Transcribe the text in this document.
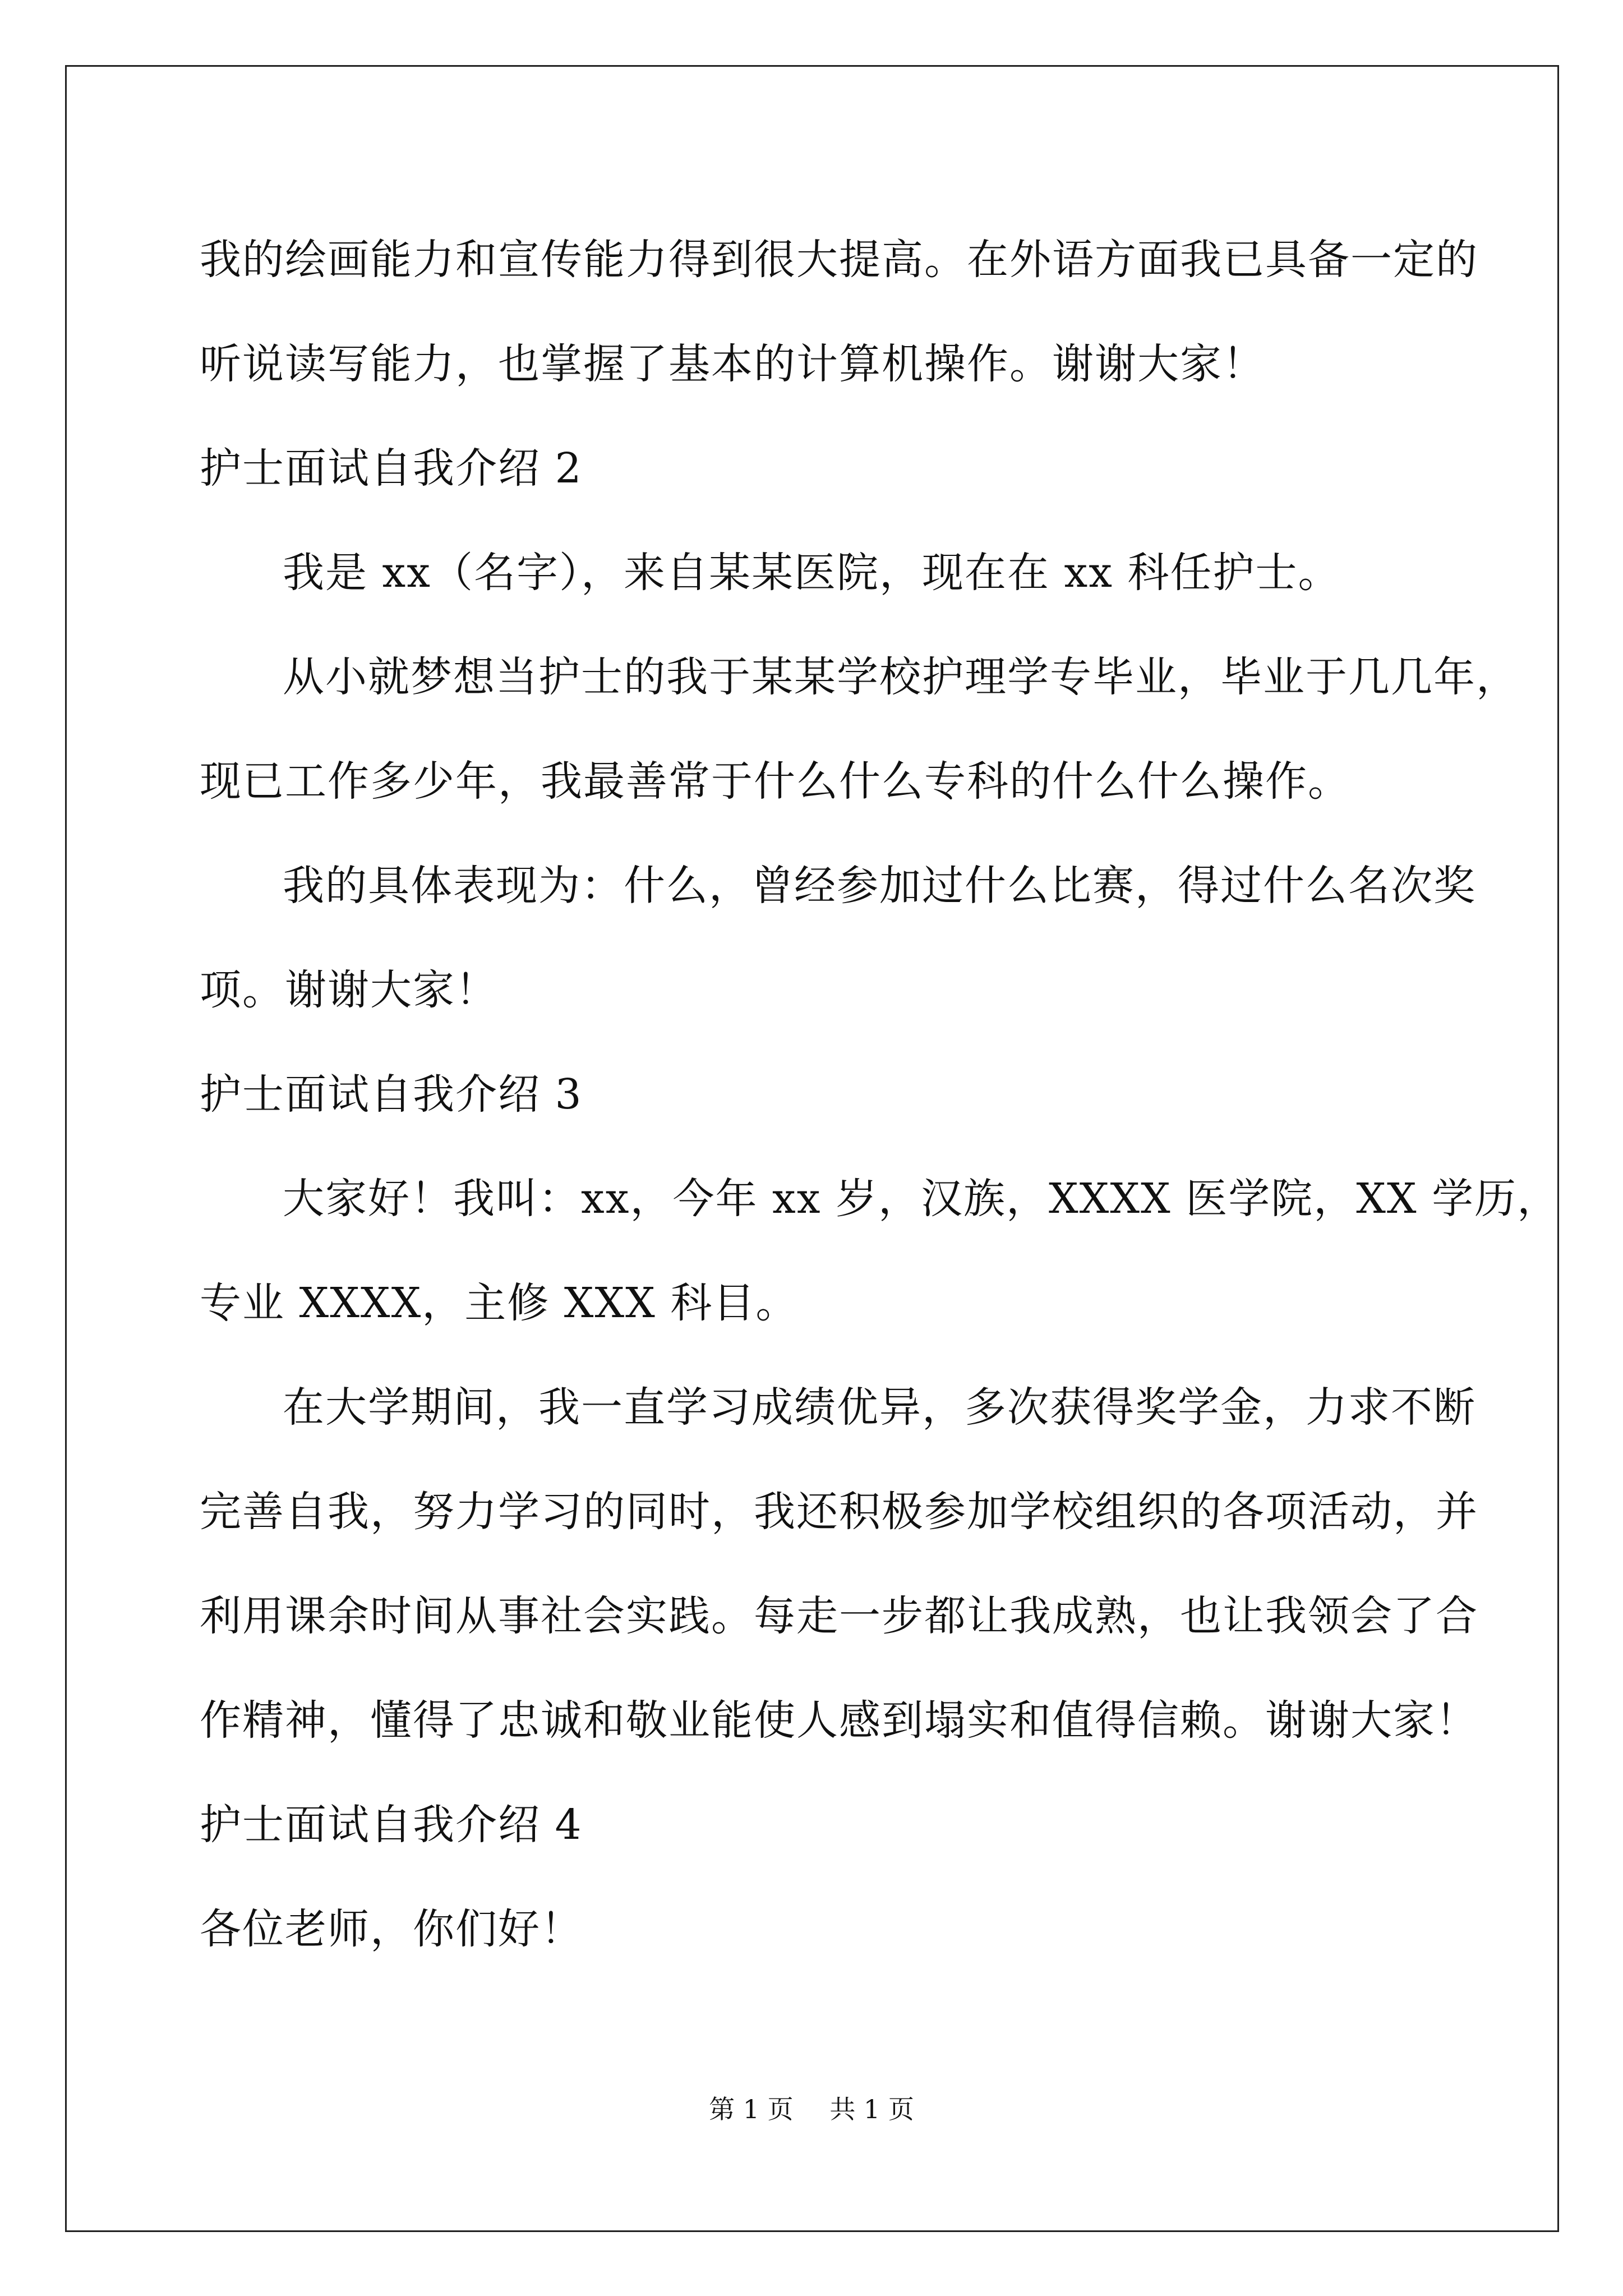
我的绘画能力和宣传能力得到很大提高。在外语方面我已具备一定的
听说读写能力，也掌握了基本的计算机操作。谢谢大家！
护士面试自我介绍 2
我是 xx（名字），来自某某医院，现在在 xx 科任护士。
从小就梦想当护士的我于某某学校护理学专毕业，毕业于几几年，
现已工作多少年，我最善常于什么什么专科的什么什么操作。
我的具体表现为：什么，曾经参加过什么比赛，得过什么名次奖
项。谢谢大家！
护士面试自我介绍 3
大家好！我叫：xx，今年 xx 岁，汉族，XXXX 医学院，XX 学历，
专业 XXXX，主修 XXX 科目。
在大学期间，我一直学习成绩优异，多次获得奖学金，力求不断
完善自我，努力学习的同时，我还积极参加学校组织的各项活动，并
利用课余时间从事社会实践。每走一步都让我成熟，也让我领会了合
作精神，懂得了忠诚和敬业能使人感到塌实和值得信赖。谢谢大家！
护士面试自我介绍 4
各位老师，你们好！
第 1 页 共 1 页
